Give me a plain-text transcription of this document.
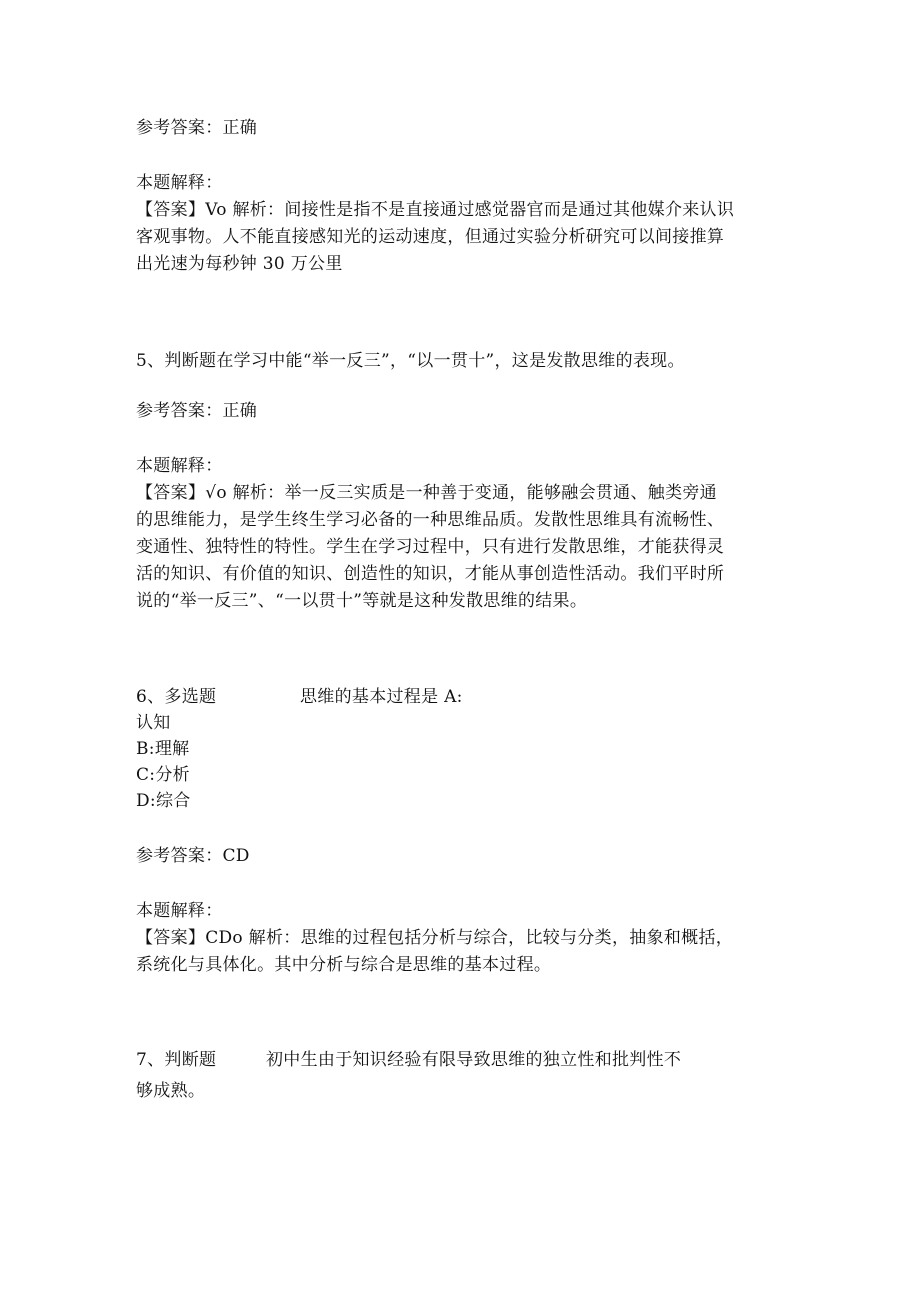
参考答案：正确
本题解释：
【答案】Vo 解析：间接性是指不是直接通过感觉器官而是通过其他媒介来认识
客观事物。人不能直接感知光的运动速度，但通过实验分析研究可以间接推算
出光速为每秒钟 30 万公里
5、判断题在学习中能“举一反三”，“以一贯十”，这是发散思维的表现。
参考答案：正确
本题解释：
【答案】√o 解析：举一反三实质是一种善于变通，能够融会贯通、触类旁通
的思维能力，是学生终生学习必备的一种思维品质。发散性思维具有流畅性、
变通性、独特性的特性。学生在学习过程中，只有进行发散思维，才能获得灵
活的知识、有价值的知识、创造性的知识，才能从事创造性活动。我们平时所
说的“举一反三”、“一以贯十”等就是这种发散思维的结果。
6、多选题	思维的基本过程是 A:
认知
B:理解
C:分析
D:综合
参考答案：CD
本题解释：
【答案】CDo 解析：思维的过程包括分析与综合，比较与分类，抽象和概括，
系统化与具体化。其中分析与综合是思维的基本过程。
7、判断题	初中生由于知识经验有限导致思维的独立性和批判性不
够成熟。
